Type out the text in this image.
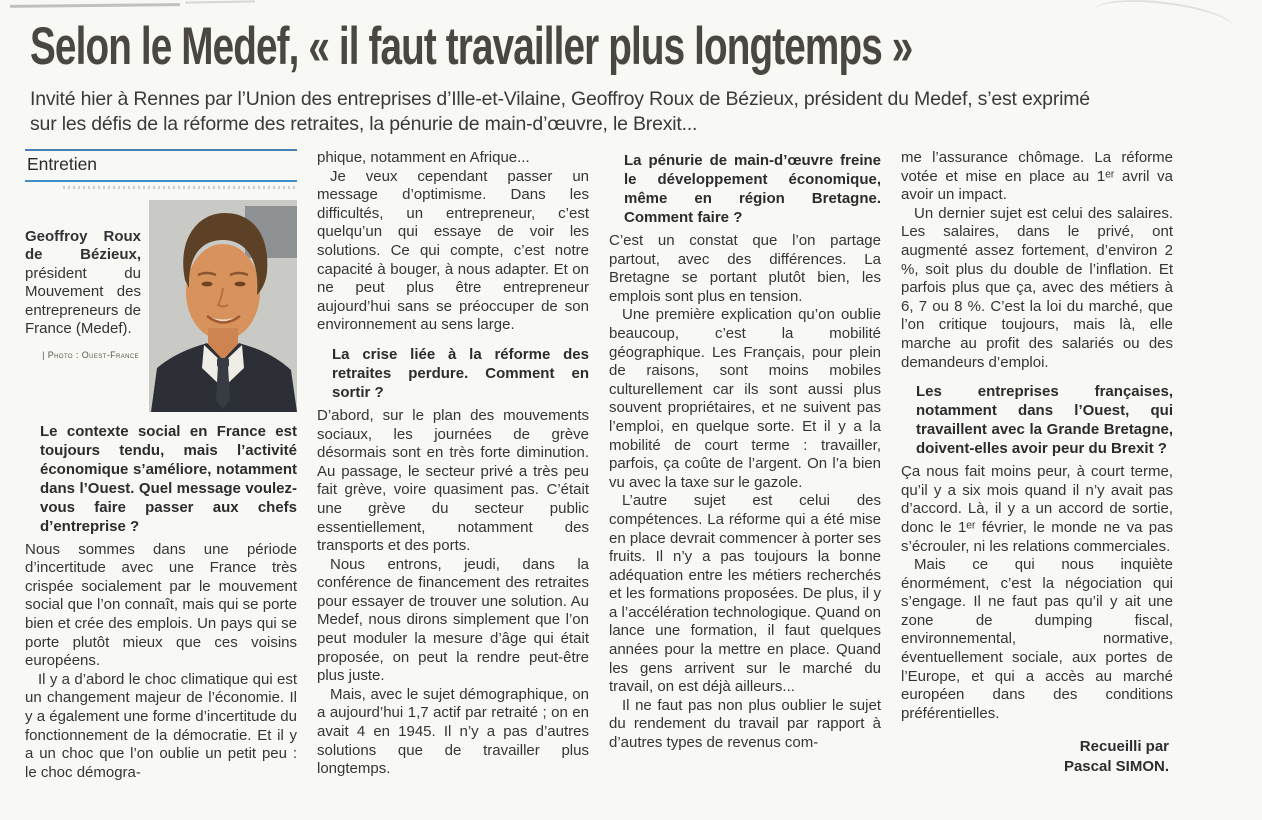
Selon le Medef, « il faut travailler plus longtemps »

Invité hier à Rennes par l’Union des entreprises d’Ille-et-Vilaine, Geoffroy Roux de Bézieux, président du Medef, s’est exprimé sur les défis de la réforme des retraites, la pénurie de main-d’œuvre, le Brexit...

Entretien
Geoffroy Roux de Bézieux, président du Mouvement des entrepreneurs de France (Medef).
| Photo : Ouest-France

Le contexte social en France est toujours tendu, mais l’activité économique s’améliore, notamment dans l’Ouest. Quel message voulez-vous faire passer aux chefs d’entreprise ?

Nous sommes dans une période d’incertitude avec une France très crispée socialement par le mouvement social que l’on connaît, mais qui se porte bien et crée des emplois. Un pays qui se porte plutôt mieux que ces voisins européens.

Il y a d’abord le choc climatique qui est un changement majeur de l’économie. Il y a également une forme d’incertitude du fonctionnement de la démocratie. Et il y a un choc que l’on oublie un petit peu : le choc démogra-

phique, notamment en Afrique...

Je veux cependant passer un message d’optimisme. Dans les difficultés, un entrepreneur, c’est quelqu’un qui essaye de voir les solutions. Ce qui compte, c’est notre capacité à bouger, à nous adapter. Et on ne peut plus être entrepreneur aujourd’hui sans se préoccuper de son environnement au sens large.

La crise liée à la réforme des retraites perdure. Comment en sortir ?

D’abord, sur le plan des mouvements sociaux, les journées de grève désormais sont en très forte diminution. Au passage, le secteur privé a très peu fait grève, voire quasiment pas. C’était une grève du secteur public essentiellement, notamment des transports et des ports.

Nous entrons, jeudi, dans la conférence de financement des retraites pour essayer de trouver une solution. Au Medef, nous dirons simplement que l’on peut moduler la mesure d’âge qui était proposée, on peut la rendre peut-être plus juste.

Mais, avec le sujet démographique, on a aujourd’hui 1,7 actif par retraité ; on en avait 4 en 1945. Il n’y a pas d’autres solutions que de travailler plus longtemps.

La pénurie de main-d’œuvre freine le développement économique, même en région Bretagne. Comment faire ?

C’est un constat que l’on partage partout, avec des différences. La Bretagne se portant plutôt bien, les emplois sont plus en tension.

Une première explication qu’on oublie beaucoup, c’est la mobilité géographique. Les Français, pour plein de raisons, sont moins mobiles culturellement car ils sont aussi plus souvent propriétaires, et ne suivent pas l’emploi, en quelque sorte. Et il y a la mobilité de court terme : travailler, parfois, ça coûte de l’argent. On l’a bien vu avec la taxe sur le gazole.

L’autre sujet est celui des compétences. La réforme qui a été mise en place devrait commencer à porter ses fruits. Il n’y a pas toujours la bonne adéquation entre les métiers recherchés et les formations proposées. De plus, il y a l’accélération technologique. Quand on lance une formation, il faut quelques années pour la mettre en place. Quand les gens arrivent sur le marché du travail, on est déjà ailleurs...

Il ne faut pas non plus oublier le sujet du rendement du travail par rapport à d’autres types de revenus com-

me l’assurance chômage. La réforme votée et mise en place au 1ᵉʳ avril va avoir un impact.

Un dernier sujet est celui des salaires. Les salaires, dans le privé, ont augmenté assez fortement, d’environ 2 %, soit plus du double de l’inflation. Et parfois plus que ça, avec des métiers à 6, 7 ou 8 %. C’est la loi du marché, que l’on critique toujours, mais là, elle marche au profit des salariés ou des demandeurs d’emploi.

Les entreprises françaises, notamment dans l’Ouest, qui travaillent avec la Grande Bretagne, doivent-elles avoir peur du Brexit ?

Ça nous fait moins peur, à court terme, qu’il y a six mois quand il n’y avait pas d’accord. Là, il y a un accord de sortie, donc le 1ᵉʳ février, le monde ne va pas s’écrouler, ni les relations commerciales.

Mais ce qui nous inquiète énormément, c’est la négociation qui s’engage. Il ne faut pas qu’il y ait une zone de dumping fiscal, environnemental, normative, éventuellement sociale, aux portes de l’Europe, et qui a accès au marché européen dans des conditions préférentielles.

Recueilli par
Pascal SIMON.
